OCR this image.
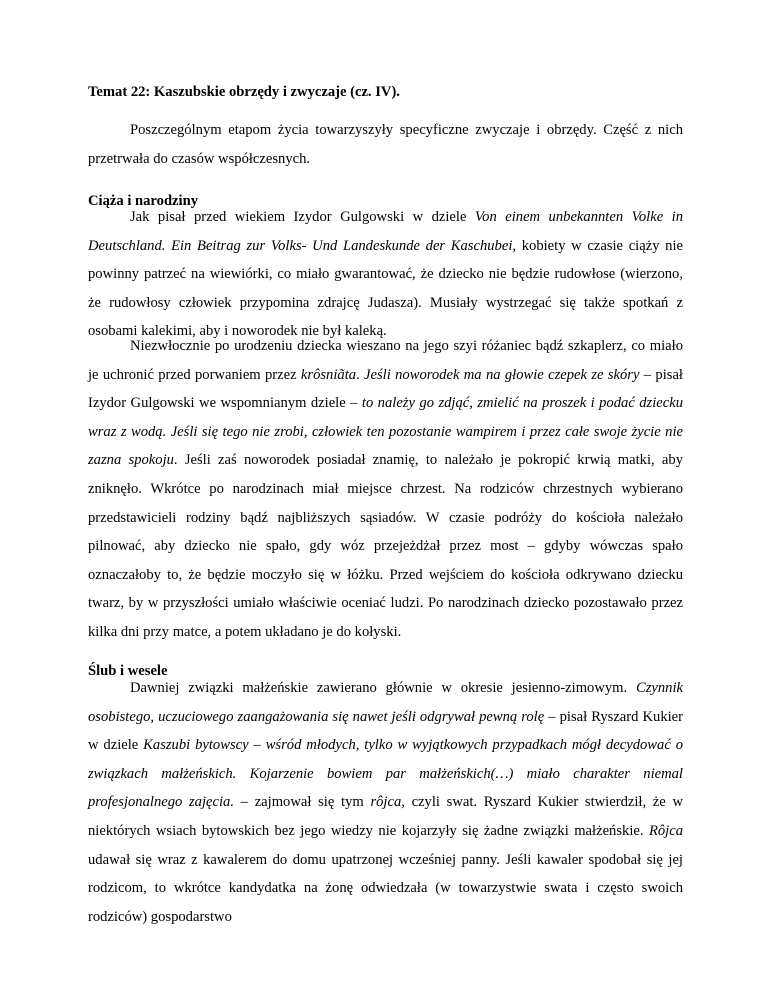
Temat 22: Kaszubskie obrzędy i zwyczaje (cz. IV).

Poszczególnym etapom życia towarzyszyły specyficzne zwyczaje i obrzędy. Część z nich przetrwała do czasów współczesnych.

Ciąża i narodziny

Jak pisał przed wiekiem Izydor Gulgowski w dziele Von einem unbekannten Volke in Deutschland. Ein Beitrag zur Volks- Und Landeskunde der Kaschubei, kobiety w czasie ciąży nie powinny patrzeć na wiewiórki, co miało gwarantować, że dziecko nie będzie rudowłose (wierzono, że rudowłosy człowiek przypomina zdrajcę Judasza). Musiały wystrzegać się także spotkań z osobami kalekimi, aby i noworodek nie był kaleką.

Niezwłocznie po urodzeniu dziecka wieszano na jego szyi różaniec bądź szkaplerz, co miało je uchronić przed porwaniem przez krôsniãta. Jeśli noworodek ma na głowie czepek ze skóry – pisał Izydor Gulgowski we wspomnianym dziele – to należy go zdjąć, zmielić na proszek i podać dziecku wraz z wodą. Jeśli się tego nie zrobi, człowiek ten pozostanie wampirem i przez całe swoje życie nie zazna spokoju. Jeśli zaś noworodek posiadał znamię, to należało je pokropić krwią matki, aby zniknęło. Wkrótce po narodzinach miał miejsce chrzest. Na rodziców chrzestnych wybierano przedstawicieli rodziny bądź najbliższych sąsiadów. W czasie podróży do kościoła należało pilnować, aby dziecko nie spało, gdy wóz przejeżdżał przez most – gdyby wówczas spało oznaczałoby to, że będzie moczyło się w łóżku. Przed wejściem do kościoła odkrywano dziecku twarz, by w przyszłości umiało właściwie oceniać ludzi. Po narodzinach dziecko pozostawało przez kilka dni przy matce, a potem układano je do kołyski.

Ślub i wesele

Dawniej związki małżeńskie zawierano głównie w okresie jesienno-zimowym. Czynnik osobistego, uczuciowego zaangażowania się nawet jeśli odgrywał pewną rolę – pisał Ryszard Kukier w dziele Kaszubi bytowscy – wśród młodych, tylko w wyjątkowych przypadkach mógł decydować o związkach małżeńskich. Kojarzenie bowiem par małżeńskich(…) miało charakter niemal profesjonalnego zajęcia. – zajmował się tym rôjca, czyli swat. Ryszard Kukier stwierdził, że w niektórych wsiach bytowskich bez jego wiedzy nie kojarzyły się żadne związki małżeńskie. Rôjca udawał się wraz z kawalerem do domu upatrzonej wcześniej panny. Jeśli kawaler spodobał się jej rodzicom, to wkrótce kandydatka na żonę odwiedzała (w towarzystwie swata i często swoich rodziców) gospodarstwo
